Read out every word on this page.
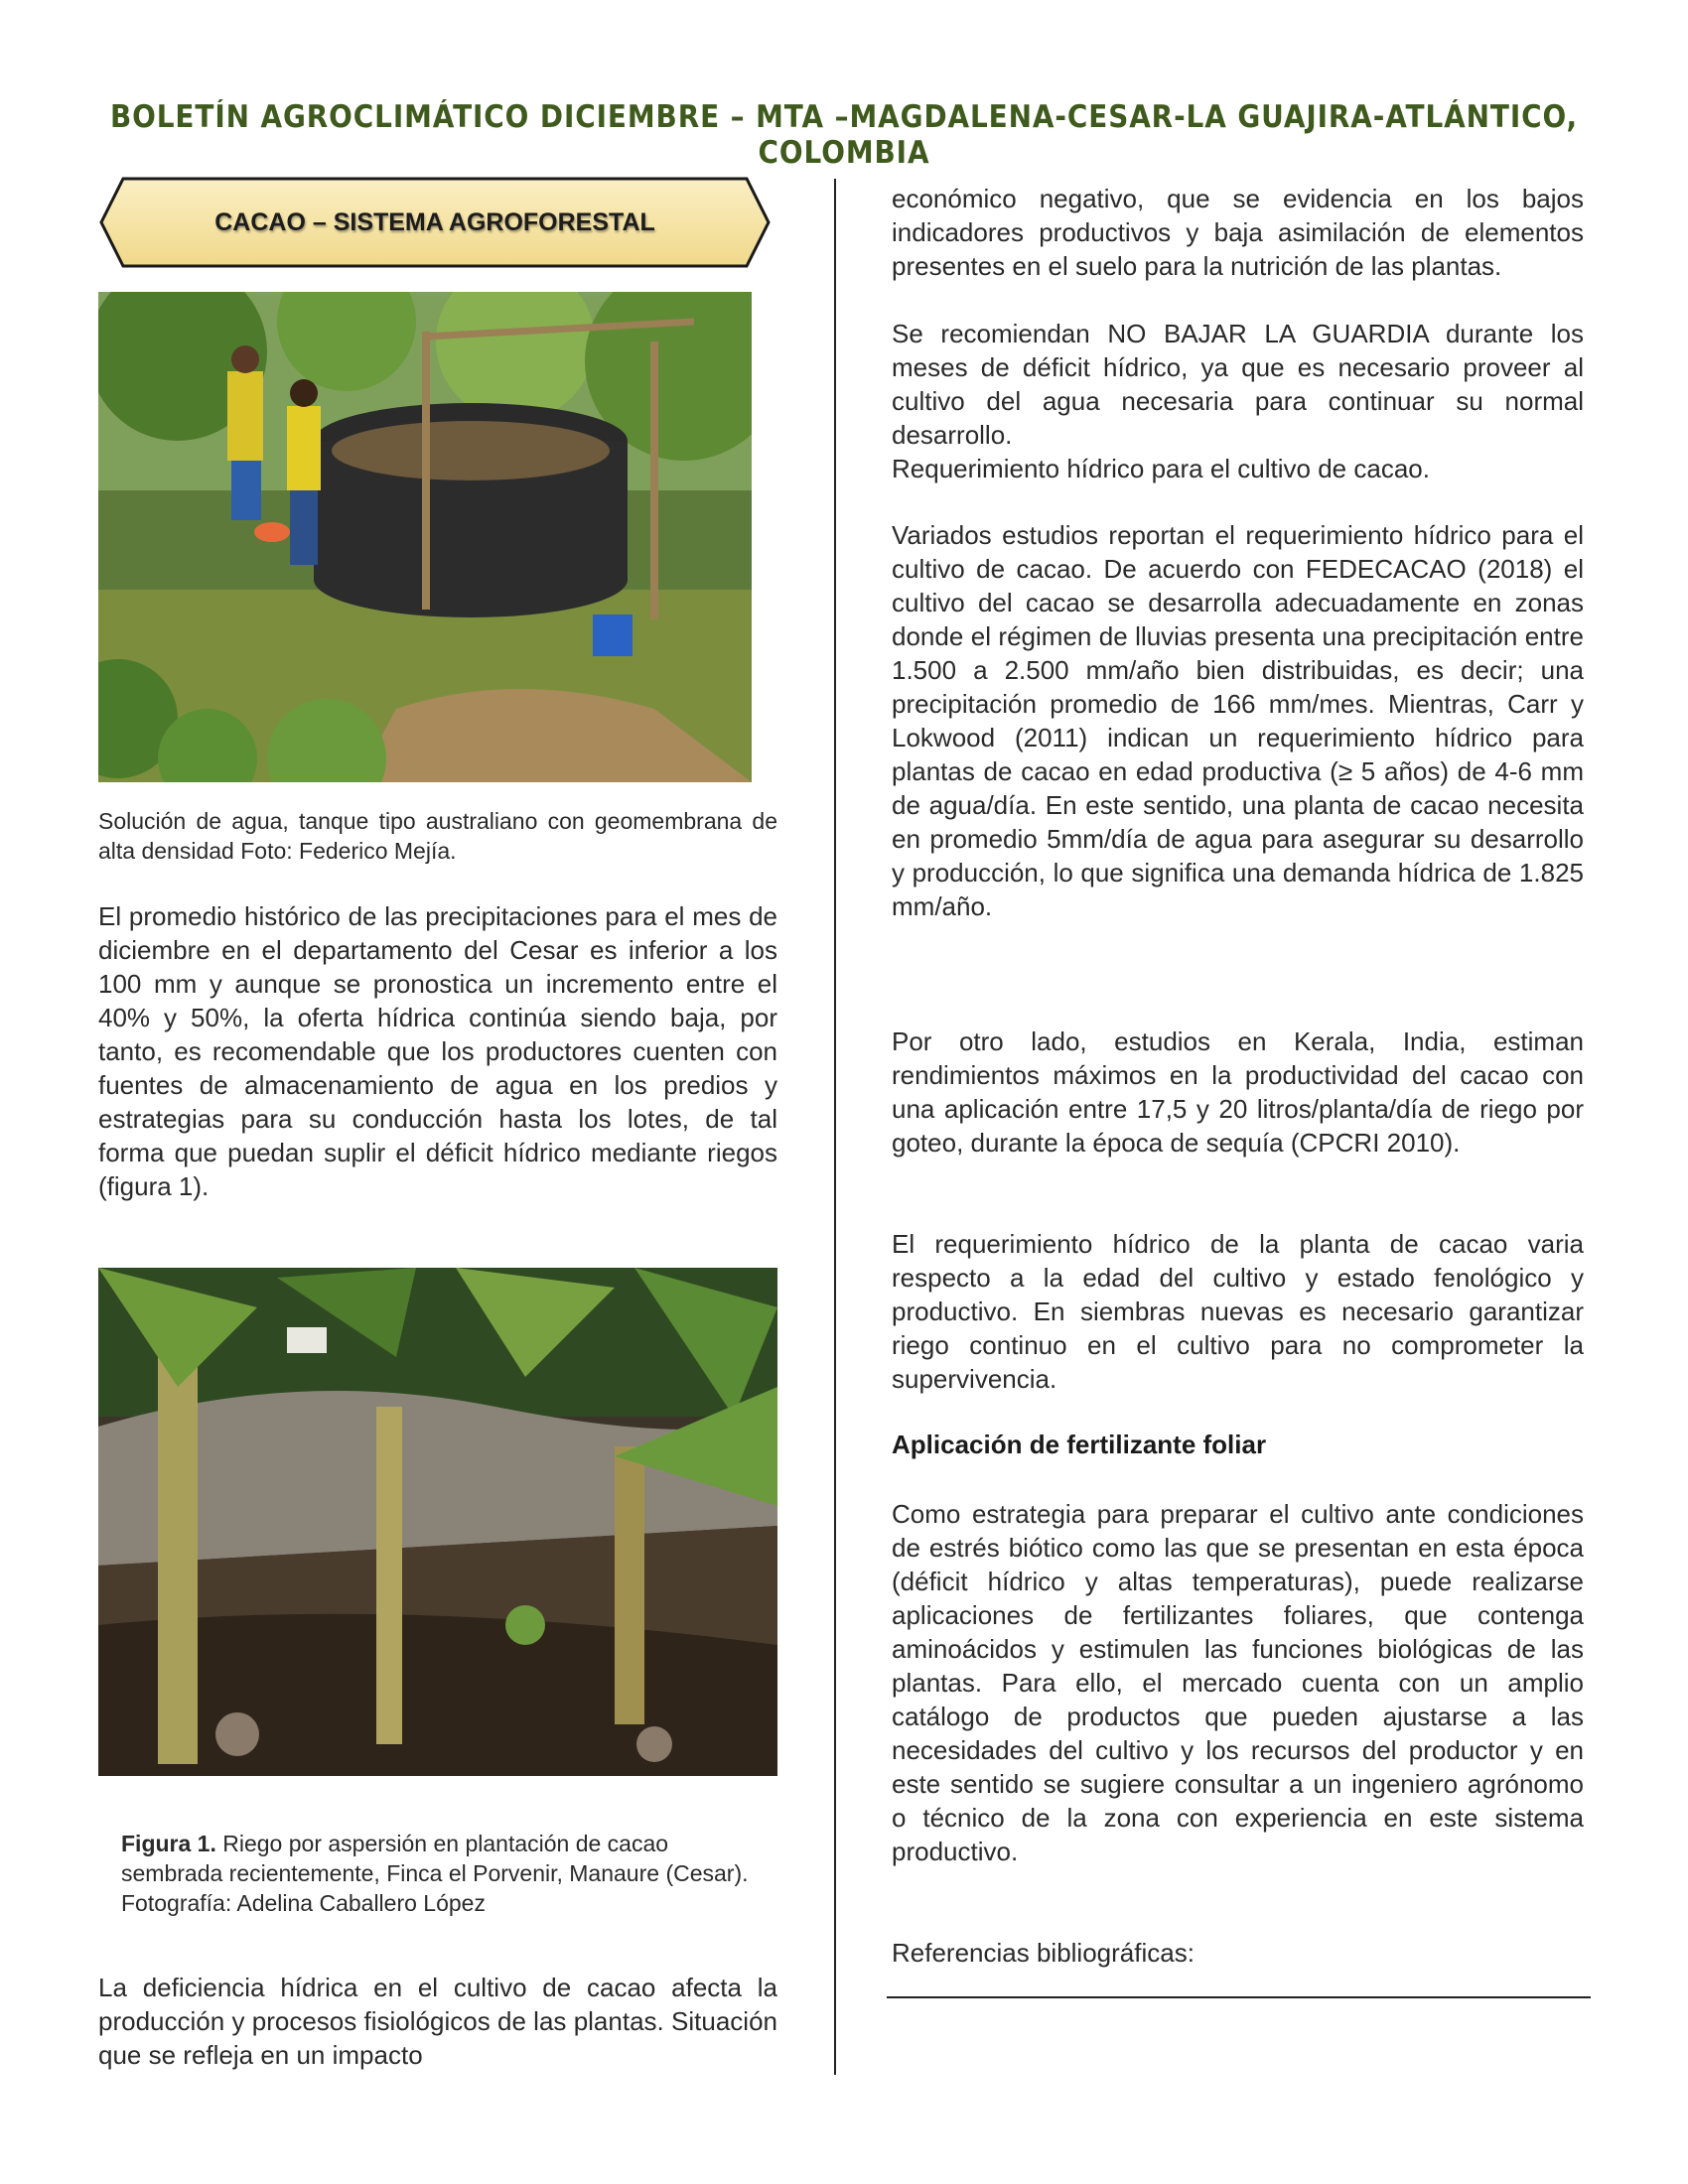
BOLETÍN AGROCLIMÁTICO DICIEMBRE – MTA –MAGDALENA-CESAR-LA GUAJIRA-ATLÁNTICO, COLOMBIA
CACAO – SISTEMA AGROFORESTAL

Solución de agua, tanque tipo australiano con geomembrana de alta densidad Foto: Federico Mejía.

El promedio histórico de las precipitaciones para el mes de diciembre en el departamento del Cesar es inferior a los 100 mm y aunque se pronostica un incremento entre el 40% y 50%, la oferta hídrica continúa siendo baja, por tanto, es recomendable que los productores cuenten con fuentes de almacenamiento de agua en los predios y estrategias para su conducción hasta los lotes, de tal forma que puedan suplir el déficit hídrico mediante riegos (figura 1).

Figura 1. Riego por aspersión en plantación de cacao sembrada recientemente, Finca el Porvenir, Manaure (Cesar). Fotografía: Adelina Caballero López

La deficiencia hídrica en el cultivo de cacao afecta la producción y procesos fisiológicos de las plantas. Situación que se refleja en un impacto

económico negativo, que se evidencia en los bajos indicadores productivos y baja asimilación de elementos presentes en el suelo para la nutrición de las plantas.

Se recomiendan NO BAJAR LA GUARDIA durante los meses de déficit hídrico, ya que es necesario proveer al cultivo del agua necesaria para continuar su normal desarrollo.

Requerimiento hídrico para el cultivo de cacao.

Variados estudios reportan el requerimiento hídrico para el cultivo de cacao. De acuerdo con FEDECACAO (2018) el cultivo del cacao se desarrolla adecuadamente en zonas donde el régimen de lluvias presenta una precipitación entre 1.500 a 2.500 mm/año bien distribuidas, es decir; una precipitación promedio de 166 mm/mes. Mientras, Carr y Lokwood (2011) indican un requerimiento hídrico para plantas de cacao en edad productiva (≥ 5 años) de 4-6 mm de agua/día. En este sentido, una planta de cacao necesita en promedio 5mm/día de agua para asegurar su desarrollo y producción, lo que significa una demanda hídrica de 1.825 mm/año.

Por otro lado, estudios en Kerala, India, estiman rendimientos máximos en la productividad del cacao con una aplicación entre 17,5 y 20 litros/planta/día de riego por goteo, durante la época de sequía (CPCRI 2010).

El requerimiento hídrico de la planta de cacao varia respecto a la edad del cultivo y estado fenológico y productivo. En siembras nuevas es necesario garantizar riego continuo en el cultivo para no comprometer la supervivencia.

Aplicación de fertilizante foliar

Como estrategia para preparar el cultivo ante condiciones de estrés biótico como las que se presentan en esta época (déficit hídrico y altas temperaturas), puede realizarse aplicaciones de fertilizantes foliares, que contenga aminoácidos y estimulen las funciones biológicas de las plantas. Para ello, el mercado cuenta con un amplio catálogo de productos que pueden ajustarse a las necesidades del cultivo y los recursos del productor y en este sentido se sugiere consultar a un ingeniero agrónomo o técnico de la zona con experiencia en este sistema productivo.

Referencias bibliográficas:
